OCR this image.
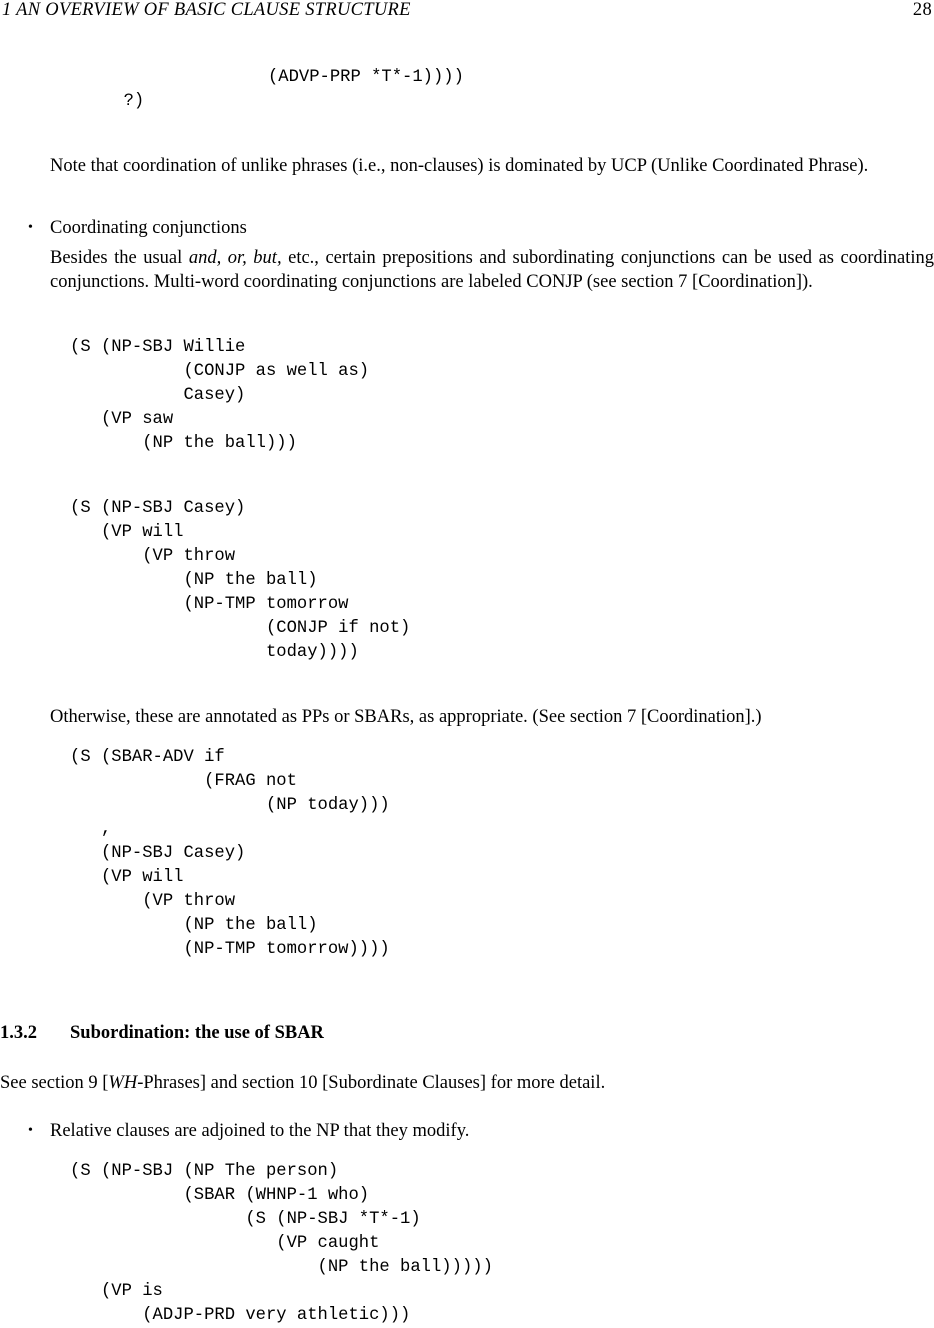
1 AN OVERVIEW OF BASIC CLAUSE STRUCTURE	28
(ADVP-PRP *T*-1))))
?)
Note that coordination of unlike phrases (i.e., non-clauses) is dominated by UCP (Unlike Coordinated Phrase).
• Coordinating conjunctions
Besides the usual and, or, but, etc., certain prepositions and subordinating conjunctions can be used as coordinating conjunctions. Multi-word coordinating conjunctions are labeled CONJP (see section 7 [Coordination]).
(S (NP-SBJ Willie
(CONJP as well as)
Casey)
(VP saw
(NP the ball)))
(S (NP-SBJ Casey)
(VP will
(VP throw
(NP the ball)
(NP-TMP tomorrow
(CONJP if not)
today))))
Otherwise, these are annotated as PPs or SBARs, as appropriate. (See section 7 [Coordination].)
(S (SBAR-ADV if
(FRAG not
(NP today)))
,
(NP-SBJ Casey)
(VP will
(VP throw
(NP the ball)
(NP-TMP tomorrow))))
1.3.2 Subordination: the use of SBAR
See section 9 [WH-Phrases] and section 10 [Subordinate Clauses] for more detail.
• Relative clauses are adjoined to the NP that they modify.
(S (NP-SBJ (NP The person)
(SBAR (WHNP-1 who)
(S (NP-SBJ *T*-1)
(VP caught
(NP the ball)))))
(VP is
(ADJP-PRD very athletic)))
